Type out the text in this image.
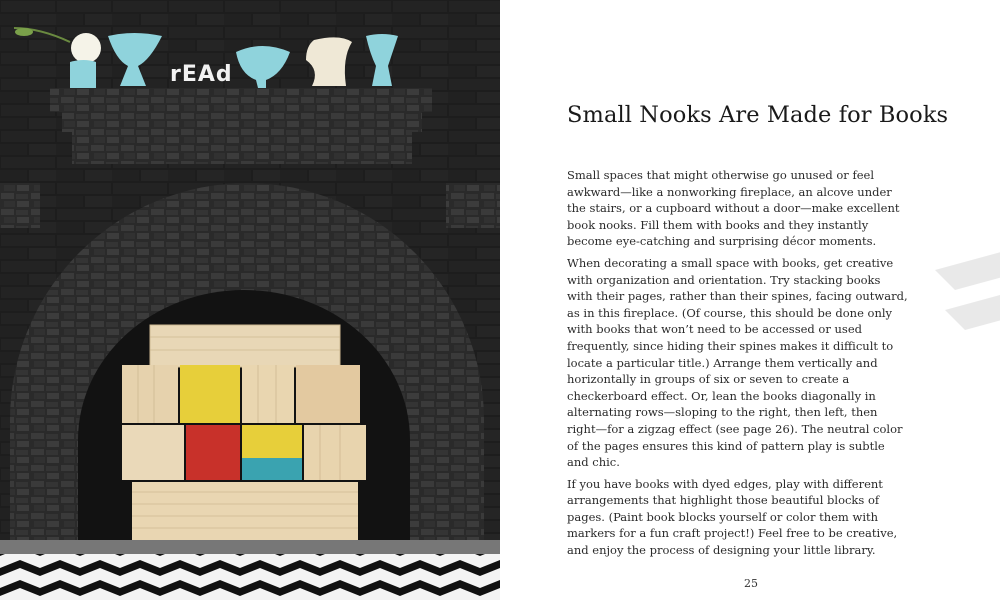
rEAd
Small Nooks Are Made for Books

Small spaces that might otherwise go unused or feel awkward—like a nonworking fireplace, an alcove under the stairs, or a cupboard without a door—make excellent book nooks. Fill them with books and they instantly become eye-catching and surprising décor moments.

When decorating a small space with books, get creative with organization and orientation. Try stacking books with their pages, rather than their spines, facing outward, as in this fireplace. (Of course, this should be done only with books that won’t need to be accessed or used frequently, since hiding their spines makes it difficult to locate a particular title.) Arrange them vertically and horizontally in groups of six or seven to create a checkerboard effect. Or, lean the books diagonally in alternating rows—sloping to the right, then left, then right—for a zigzag effect (see page 26). The neutral color of the pages ensures this kind of pattern play is subtle and chic.

If you have books with dyed edges, play with different arrangements that highlight those beautiful blocks of pages. (Paint book blocks yourself or color them with markers for a fun craft project!) Feel free to be creative, and enjoy the process of designing your little library.

25
